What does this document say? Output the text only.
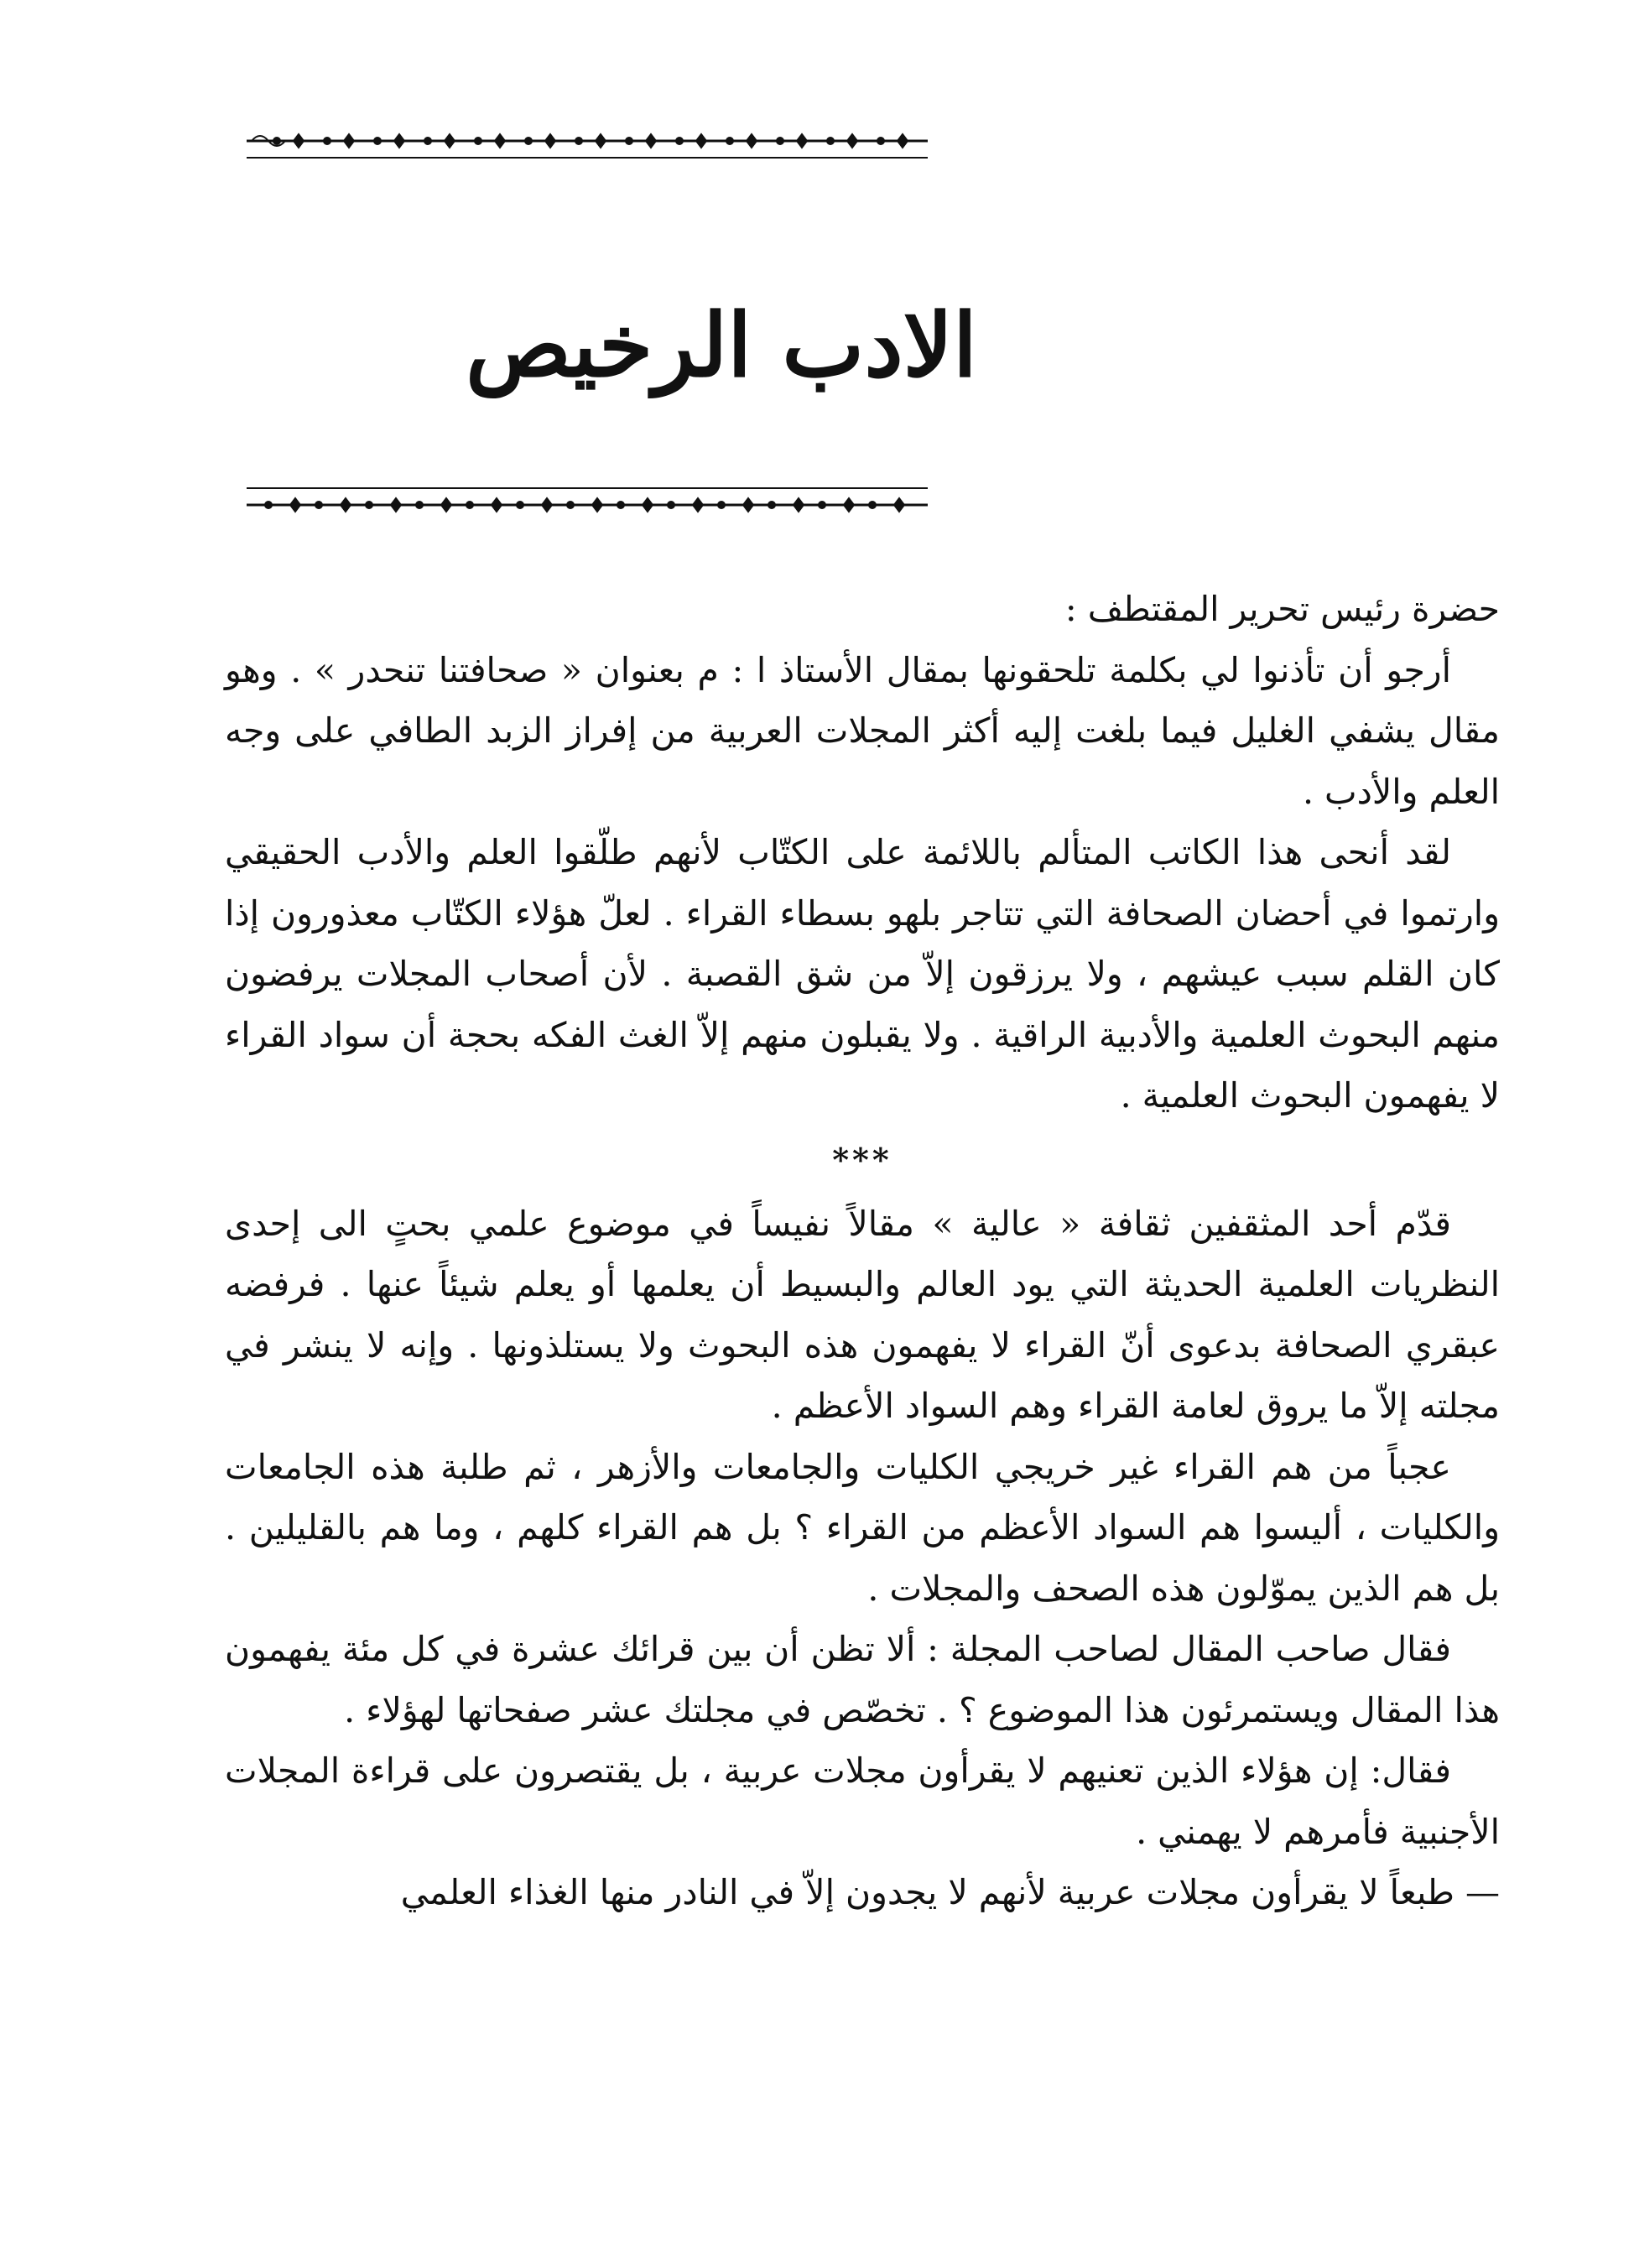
الادب الرخيص

حضرة رئيس تحرير المقتطف :

أرجو أن تأذنوا لي بكلمة تلحقونها بمقال الأستاذ ا : م بعنوان « صحافتنا تنحدر » . وهو مقال يشفي الغليل فيما بلغت إليه أكثر المجلات العربية من إفراز الزبد الطافي على وجه العلم والأدب .

لقد أنحى هذا الكاتب المتألم باللائمة على الكتّاب لأنهم طلّقوا العلم والأدب الحقيقي وارتموا في أحضان الصحافة التي تتاجر بلهو بسطاء القراء . لعلّ هؤلاء الكتّاب معذورون إذا كان القلم سبب عيشهم ، ولا يرزقون إلاّ من شق القصبة . لأن أصحاب المجلات يرفضون منهم البحوث العلمية والأدبية الراقية . ولا يقبلون منهم إلاّ الغث الفكه بحجة أن سواد القراء لا يفهمون البحوث العلمية .

***

قدّم أحد المثقفين ثقافة « عالية » مقالاً نفيساً في موضوع علمي بحتٍ الى إحدى النظريات العلمية الحديثة التي يود العالم والبسيط أن يعلمها أو يعلم شيئاً عنها . فرفضه عبقري الصحافة بدعوى أنّ القراء لا يفهمون هذه البحوث ولا يستلذونها . وإنه لا ينشر في مجلته إلاّ ما يروق لعامة القراء وهم السواد الأعظم .

عجباً من هم القراء غير خريجي الكليات والجامعات والأزهر ، ثم طلبة هذه الجامعات والكليات ، أليسوا هم السواد الأعظم من القراء ؟ بل هم القراء كلهم ، وما هم بالقليلين . بل هم الذين يموّلون هذه الصحف والمجلات .

فقال صاحب المقال لصاحب المجلة : ألا تظن أن بين قرائك عشرة في كل مئة يفهمون هذا المقال ويستمرئون هذا الموضوع ؟ . تخصّص في مجلتك عشر صفحاتها لهؤلاء .

فقال: إن هؤلاء الذين تعنيهم لا يقرأون مجلات عربية ، بل يقتصرون على قراءة المجلات الأجنبية فأمرهم لا يهمني .

— طبعاً لا يقرأون مجلات عربية لأنهم لا يجدون إلاّ في النادر منها الغذاء العلمي
